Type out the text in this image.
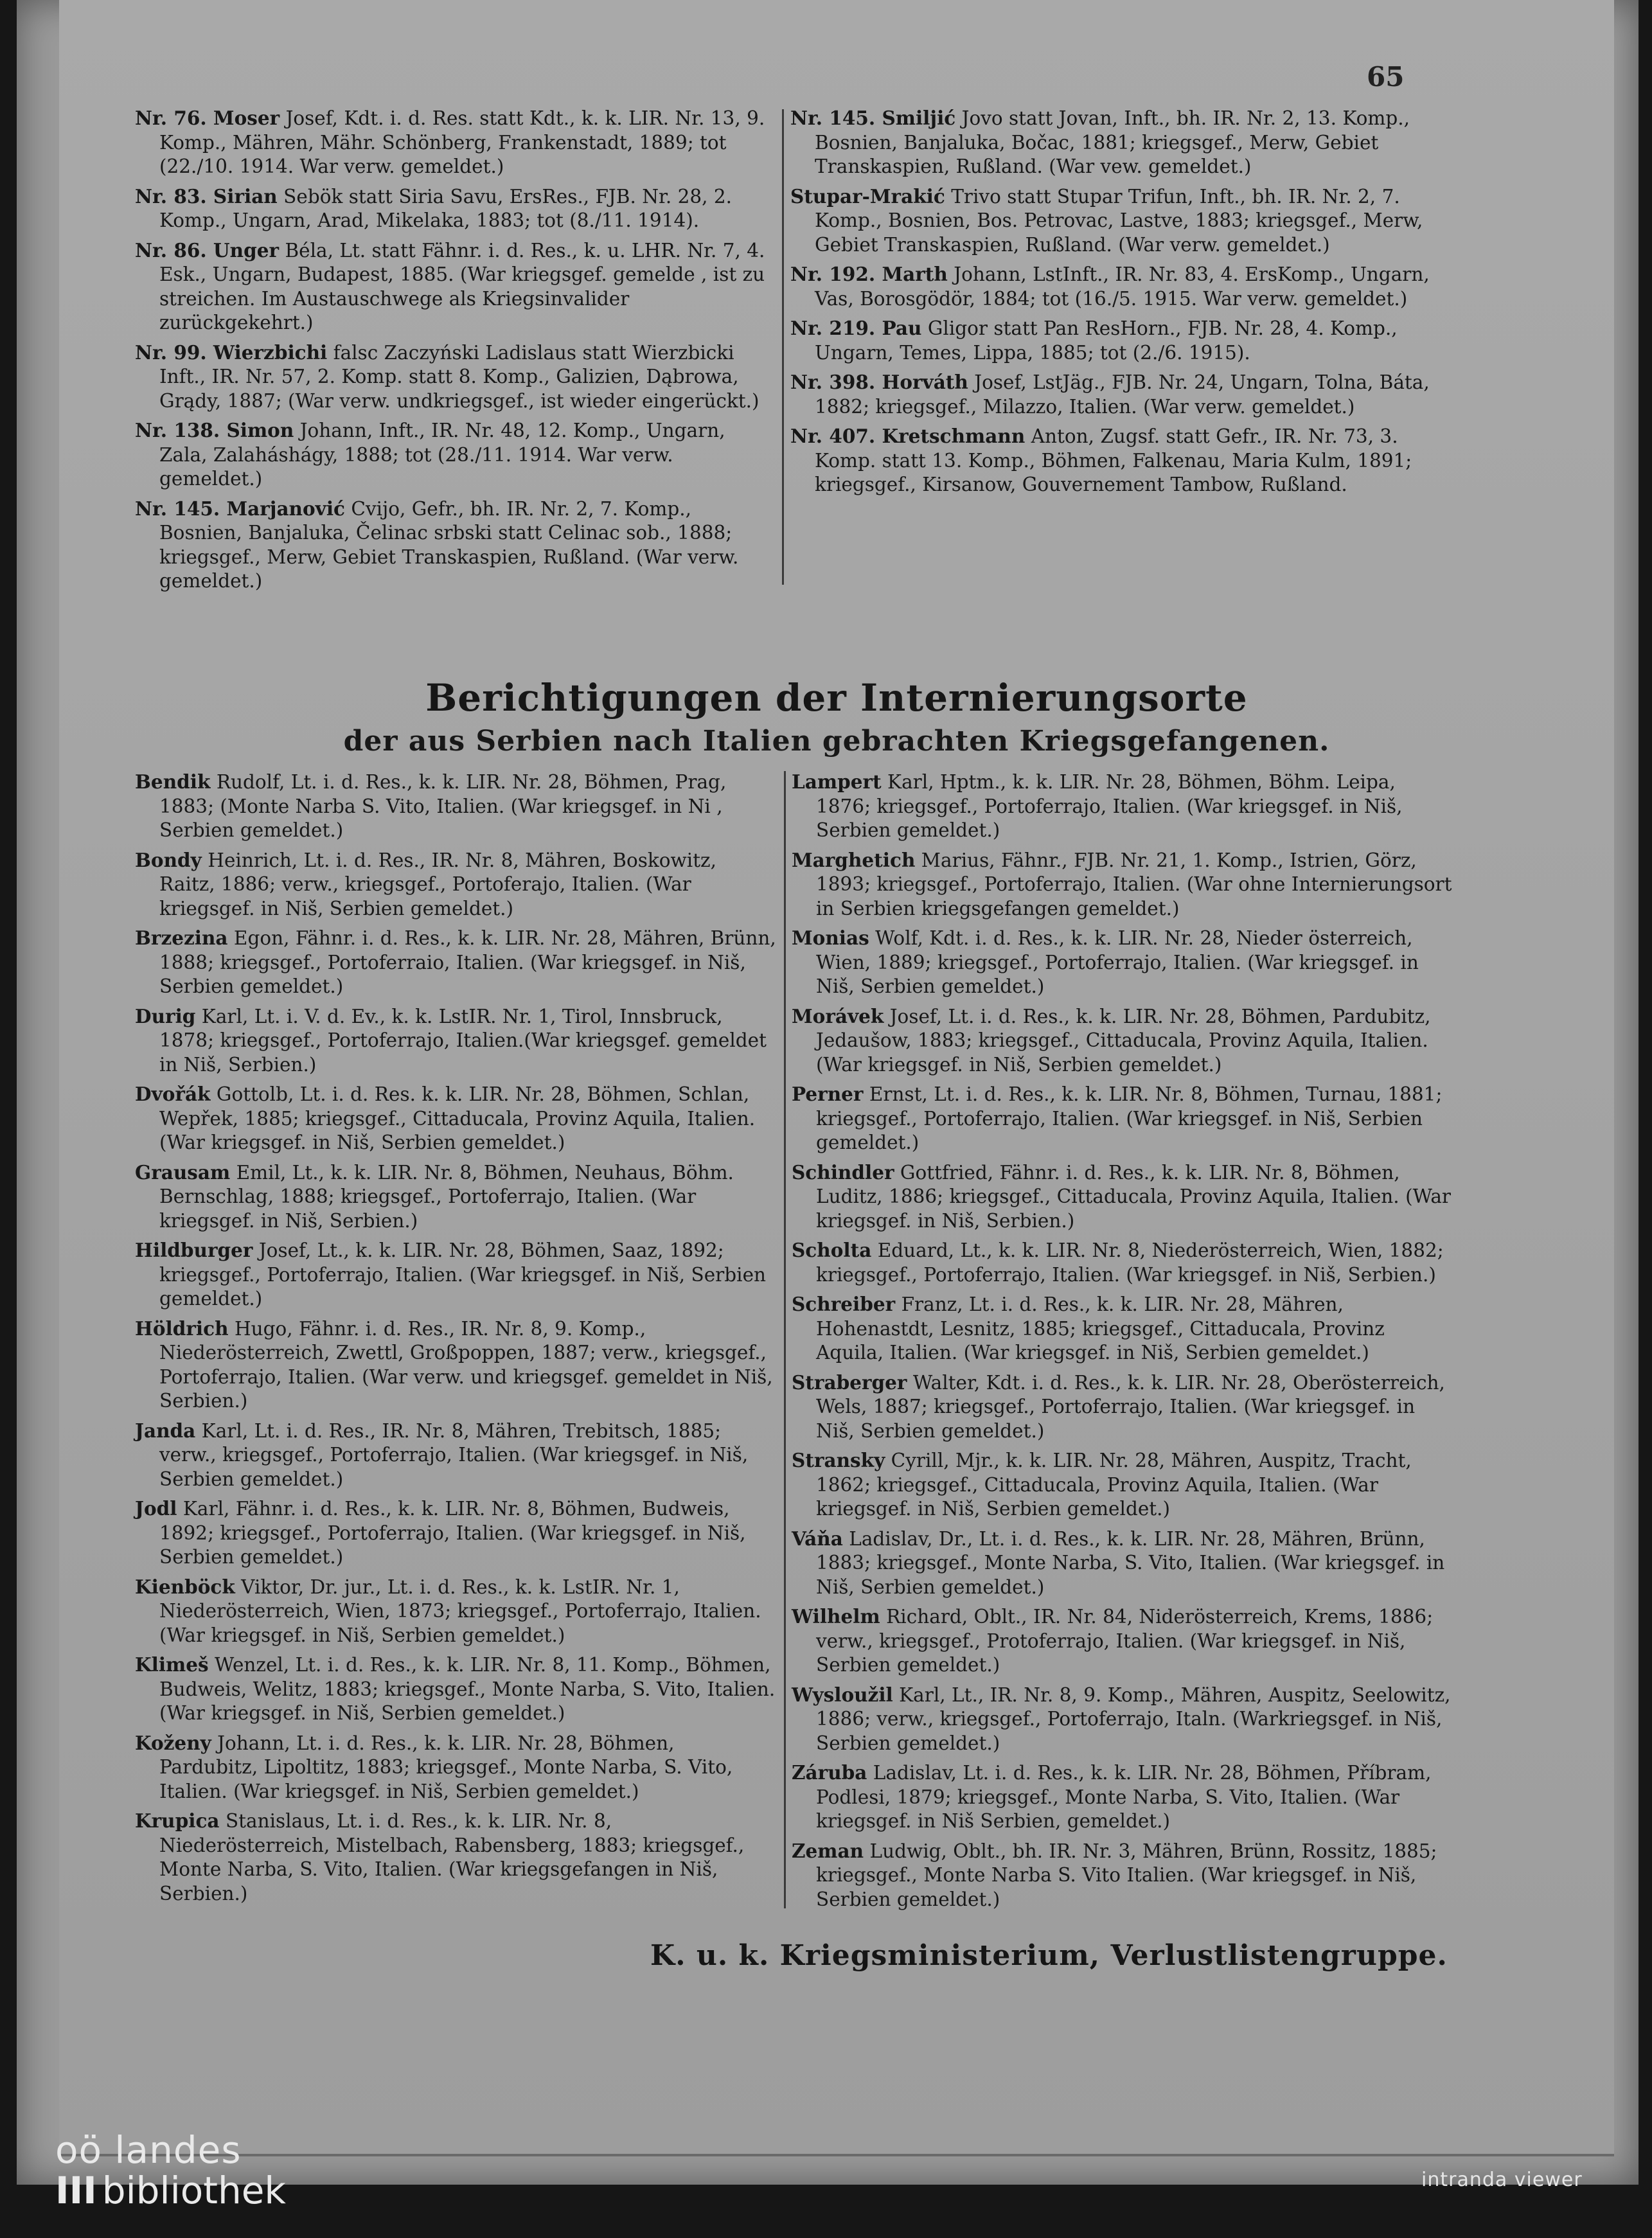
65

Nr. 76. Moser Josef, Kdt. i. d. Res. statt Kdt., k. k. LIR. Nr. 13, 9. Komp., Mähren, Mähr. Schönberg, Frankenstadt, 1889; tot (22./10. 1914. War verw. gemeldet.)

Nr. 83. Sirian Sebök statt Siria Savu, ErsRes., FJB. Nr. 28, 2. Komp., Ungarn, Arad, Mikelaka, 1883; tot (8./11. 1914).

Nr. 86. Unger Béla, Lt. statt Fähnr. i. d. Res., k. u. LHR. Nr. 7, 4. Esk., Ungarn, Budapest, 1885. (War kriegsgef. gemelde , ist zu streichen. Im Austauschwege als Kriegsinvalider zurückgekehrt.)

Nr. 99. Wierzbichi falsc Zaczyński Ladislaus statt Wierzbicki Inft., IR. Nr. 57, 2. Komp. statt 8. Komp., Galizien, Dąbrowa, Grądy, 1887; (War verw. undkriegsgef., ist wieder eingerückt.)

Nr. 138. Simon Johann, Inft., IR. Nr. 48, 12. Komp., Ungarn, Zala, Zalaháshágy, 1888; tot (28./11. 1914. War verw. gemeldet.)

Nr. 145. Marjanović Cvijo, Gefr., bh. IR. Nr. 2, 7. Komp., Bosnien, Banjaluka, Čelinac srbski statt Celinac sob., 1888; kriegsgef., Merw, Gebiet Transkaspien, Rußland. (War verw. gemeldet.)

Nr. 145. Smiljić Jovo statt Jovan, Inft., bh. IR. Nr. 2, 13. Komp., Bosnien, Banjaluka, Bočac, 1881; kriegsgef., Merw, Gebiet Transkaspien, Rußland. (War vew. gemeldet.)

Stupar-Mrakić Trivo statt Stupar Trifun, Inft., bh. IR. Nr. 2, 7. Komp., Bosnien, Bos. Petrovac, Lastve, 1883; kriegsgef., Merw, Gebiet Transkaspien, Rußland. (War verw. gemeldet.)

Nr. 192. Marth Johann, LstInft., IR. Nr. 83, 4. ErsKomp., Ungarn, Vas, Borosgödör, 1884; tot (16./5. 1915. War verw. gemeldet.)

Nr. 219. Pau Gligor statt Pan ResHorn., FJB. Nr. 28, 4. Komp., Ungarn, Temes, Lippa, 1885; tot (2./6. 1915).

Nr. 398. Horváth Josef, LstJäg., FJB. Nr. 24, Ungarn, Tolna, Báta, 1882; kriegsgef., Milazzo, Italien. (War verw. gemeldet.)

Nr. 407. Kretschmann Anton, Zugsf. statt Gefr., IR. Nr. 73, 3. Komp. statt 13. Komp., Böhmen, Falkenau, Maria Kulm, 1891; kriegsgef., Kirsanow, Gouvernement Tambow, Rußland.

Berichtigungen der Internierungsorte
der aus Serbien nach Italien gebrachten Kriegsgefangenen.

Bendik Rudolf, Lt. i. d. Res., k. k. LIR. Nr. 28, Böhmen, Prag, 1883; (Monte Narba S. Vito, Italien. (War kriegsgef. in Ni , Serbien gemeldet.)

Bondy Heinrich, Lt. i. d. Res., IR. Nr. 8, Mähren, Boskowitz, Raitz, 1886; verw., kriegsgef., Portoferajo, Italien. (War kriegsgef. in Niš, Serbien gemeldet.)

Brzezina Egon, Fähnr. i. d. Res., k. k. LIR. Nr. 28, Mähren, Brünn, 1888; kriegsgef., Portoferraio, Italien. (War kriegsgef. in Niš, Serbien gemeldet.)

Durig Karl, Lt. i. V. d. Ev., k. k. LstIR. Nr. 1, Tirol, Innsbruck, 1878; kriegsgef., Portoferrajo, Italien.(War kriegsgef. gemeldet in Niš, Serbien.)

Dvořák Gottolb, Lt. i. d. Res. k. k. LIR. Nr. 28, Böhmen, Schlan, Wepřek, 1885; kriegsgef., Cittaducala, Provinz Aquila, Italien. (War kriegsgef. in Niš, Serbien gemeldet.)

Grausam Emil, Lt., k. k. LIR. Nr. 8, Böhmen, Neuhaus, Böhm. Bernschlag, 1888; kriegsgef., Portoferrajo, Italien. (War kriegsgef. in Niš, Serbien.)

Hildburger Josef, Lt., k. k. LIR. Nr. 28, Böhmen, Saaz, 1892; kriegsgef., Portoferrajo, Italien. (War kriegsgef. in Niš, Serbien gemeldet.)

Höldrich Hugo, Fähnr. i. d. Res., IR. Nr. 8, 9. Komp., Niederösterreich, Zwettl, Großpoppen, 1887; verw., kriegsgef., Portoferrajo, Italien. (War verw. und kriegsgef. gemeldet in Niš, Serbien.)

Janda Karl, Lt. i. d. Res., IR. Nr. 8, Mähren, Trebitsch, 1885; verw., kriegsgef., Portoferrajo, Italien. (War kriegsgef. in Niš, Serbien gemeldet.)

Jodl Karl, Fähnr. i. d. Res., k. k. LIR. Nr. 8, Böhmen, Budweis, 1892; kriegsgef., Portoferrajo, Italien. (War kriegsgef. in Niš, Serbien gemeldet.)

Kienböck Viktor, Dr. jur., Lt. i. d. Res., k. k. LstIR. Nr. 1, Niederösterreich, Wien, 1873; kriegsgef., Portoferrajo, Italien. (War kriegsgef. in Niš, Serbien gemeldet.)

Klimeš Wenzel, Lt. i. d. Res., k. k. LIR. Nr. 8, 11. Komp., Böhmen, Budweis, Welitz, 1883; kriegsgef., Monte Narba, S. Vito, Italien. (War kriegsgef. in Niš, Serbien gemeldet.)

Koženy Johann, Lt. i. d. Res., k. k. LIR. Nr. 28, Böhmen, Pardubitz, Lipoltitz, 1883; kriegsgef., Monte Narba, S. Vito, Italien. (War kriegsgef. in Niš, Serbien gemeldet.)

Krupica Stanislaus, Lt. i. d. Res., k. k. LIR. Nr. 8, Niederösterreich, Mistelbach, Rabensberg, 1883; kriegsgef., Monte Narba, S. Vito, Italien. (War kriegsgefangen in Niš, Serbien.)

Lampert Karl, Hptm., k. k. LIR. Nr. 28, Böhmen, Böhm. Leipa, 1876; kriegsgef., Portoferrajo, Italien. (War kriegsgef. in Niš, Serbien gemeldet.)

Marghetich Marius, Fähnr., FJB. Nr. 21, 1. Komp., Istrien, Görz, 1893; kriegsgef., Portoferrajo, Italien. (War ohne Internierungsort in Serbien kriegsgefangen gemeldet.)

Monias Wolf, Kdt. i. d. Res., k. k. LIR. Nr. 28, Nieder österreich, Wien, 1889; kriegsgef., Portoferrajo, Italien. (War kriegsgef. in Niš, Serbien gemeldet.)

Morávek Josef, Lt. i. d. Res., k. k. LIR. Nr. 28, Böhmen, Pardubitz, Jedaušow, 1883; kriegsgef., Cittaducala, Provinz Aquila, Italien. (War kriegsgef. in Niš, Serbien gemeldet.)

Perner Ernst, Lt. i. d. Res., k. k. LIR. Nr. 8, Böhmen, Turnau, 1881; kriegsgef., Portoferrajo, Italien. (War kriegsgef. in Niš, Serbien gemeldet.)

Schindler Gottfried, Fähnr. i. d. Res., k. k. LIR. Nr. 8, Böhmen, Luditz, 1886; kriegsgef., Cittaducala, Provinz Aquila, Italien. (War kriegsgef. in Niš, Serbien.)

Scholta Eduard, Lt., k. k. LIR. Nr. 8, Niederösterreich, Wien, 1882; kriegsgef., Portoferrajo, Italien. (War kriegsgef. in Niš, Serbien.)

Schreiber Franz, Lt. i. d. Res., k. k. LIR. Nr. 28, Mähren, Hohenastdt, Lesnitz, 1885; kriegsgef., Cittaducala, Provinz Aquila, Italien. (War kriegsgef. in Niš, Serbien gemeldet.)

Straberger Walter, Kdt. i. d. Res., k. k. LIR. Nr. 28, Oberösterreich, Wels, 1887; kriegsgef., Portoferrajo, Italien. (War kriegsgef. in Niš, Serbien gemeldet.)

Stransky Cyrill, Mjr., k. k. LIR. Nr. 28, Mähren, Auspitz, Tracht, 1862; kriegsgef., Cittaducala, Provinz Aquila, Italien. (War kriegsgef. in Niš, Serbien gemeldet.)

Váňa Ladislav, Dr., Lt. i. d. Res., k. k. LIR. Nr. 28, Mähren, Brünn, 1883; kriegsgef., Monte Narba, S. Vito, Italien. (War kriegsgef. in Niš, Serbien gemeldet.)

Wilhelm Richard, Oblt., IR. Nr. 84, Niderösterreich, Krems, 1886; verw., kriegsgef., Protoferrajo, Italien. (War kriegsgef. in Niš, Serbien gemeldet.)

Wysloužil Karl, Lt., IR. Nr. 8, 9. Komp., Mähren, Auspitz, Seelowitz, 1886; verw., kriegsgef., Portoferrajo, Italn. (Warkriegsgef. in Niš, Serbien gemeldet.)

Záruba Ladislav, Lt. i. d. Res., k. k. LIR. Nr. 28, Böhmen, Příbram, Podlesi, 1879; kriegsgef., Monte Narba, S. Vito, Italien. (War kriegsgef. in Niš Serbien, gemeldet.)

Zeman Ludwig, Oblt., bh. IR. Nr. 3, Mähren, Brünn, Rossitz, 1885; kriegsgef., Monte Narba S. Vito Italien. (War kriegsgef. in Niš, Serbien gemeldet.)

K. u. k. Kriegsministerium, Verlustlistengruppe.

oö landes
III bibliothek	intranda viewer
